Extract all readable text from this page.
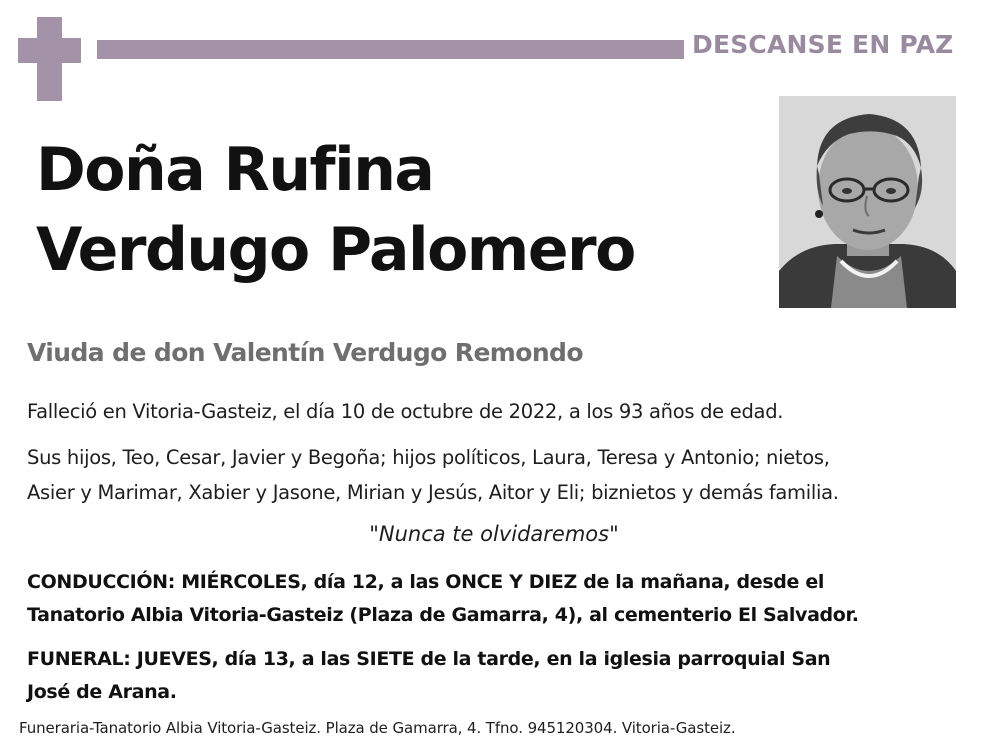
DESCANSE EN PAZ
Doña Rufina
Verdugo Palomero
Viuda de don Valentín Verdugo Remondo
Falleció en Vitoria-Gasteiz, el día 10 de octubre de 2022, a los 93 años de edad.
Sus hijos, Teo, Cesar, Javier y Begoña; hijos políticos, Laura, Teresa y Antonio; nietos,
Asier y Marimar, Xabier y Jasone, Mirian y Jesús, Aitor y Eli; biznietos y demás familia.
"Nunca te olvidaremos"
CONDUCCIÓN: MIÉRCOLES, día 12, a las ONCE Y DIEZ de la mañana, desde el
Tanatorio Albia Vitoria-Gasteiz (Plaza de Gamarra, 4), al cementerio El Salvador.
FUNERAL: JUEVES, día 13, a las SIETE de la tarde, en la iglesia parroquial San
José de Arana.
Funeraria-Tanatorio Albia Vitoria-Gasteiz. Plaza de Gamarra, 4. Tfno. 945120304. Vitoria-Gasteiz.
